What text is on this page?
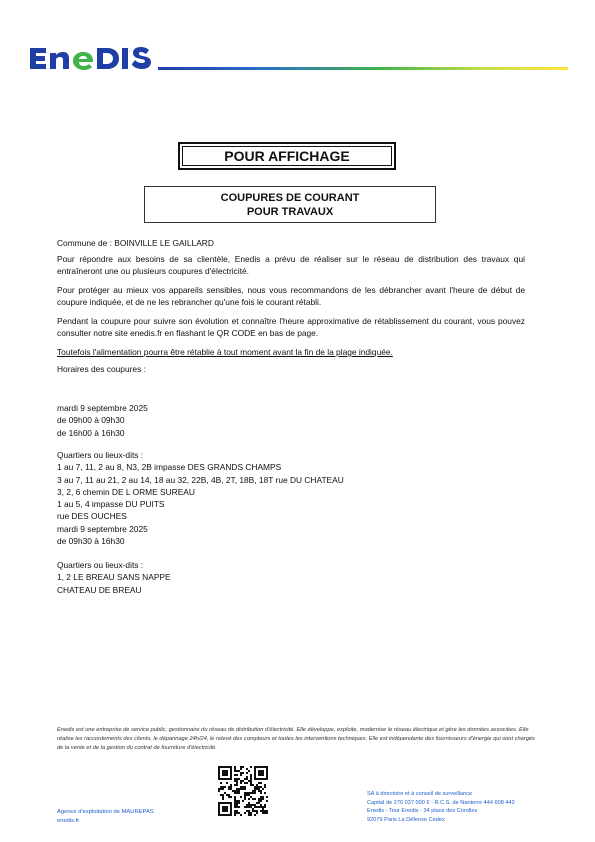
POUR AFFICHAGE
COUPURES DE COURANT
POUR TRAVAUX
Commune de : BOINVILLE LE GAILLARD
Pour répondre aux besoins de sa clientèle, Enedis a prévu de réaliser sur le réseau de distribution des travaux qui entraîneront une ou plusieurs coupures d'électricité.
Pour protéger au mieux vos appareils sensibles, nous vous recommandons de les débrancher avant l'heure de début de coupure indiquée, et de ne les rebrancher qu'une fois le courant rétabli.
Pendant la coupure pour suivre son évolution et connaître l'heure approximative de rétablissement du courant, vous pouvez consulter notre site enedis.fr en flashant le QR CODE en bas de page.
Toutefois l'alimentation pourra être rétablie à tout moment avant la fin de la plage indiquée.
Horaires des coupures :
mardi 9 septembre 2025
de 09h00 à 09h30
de 16h00 à 16h30
Quartiers ou lieux-dits :
1 au 7, 11, 2 au 8, N3, 2B impasse DES GRANDS CHAMPS
3 au 7, 11 au 21, 2 au 14, 18 au 32, 22B, 4B, 2T, 18B, 18T rue DU CHATEAU
3, 2, 6 chemin DE L ORME SUREAU
1 au 5, 4 impasse DU PUITS
rue DES OUCHES
mardi 9 septembre 2025
de 09h30 à 16h30
Quartiers ou lieux-dits :
1, 2 LE BREAU SANS NAPPE
CHATEAU DE BREAU
Enedis est une entreprise de service public, gestionnaire du réseau de distribution d'électricité. Elle développe, exploite, modernise le réseau électrique et gère les données associées. Elle réalise les raccordements des clients, le dépannage 24h/24, le relevé des compteurs et toutes les interventions techniques. Elle est indépendante des fournisseurs d'énergie qui sont chargés de la vente et de la gestion du contrat de fourniture d'électricité.
Agence d'exploitation de MAUREPAS
enedis.fr
SA à directoire et à conseil de surveillance
Capital de 270 037 000 € - R.C.S. de Nanterre 444 608 442
Enedis - Tour Enedis - 34 place des Corolles
92079 Paris La Défense Cedex
